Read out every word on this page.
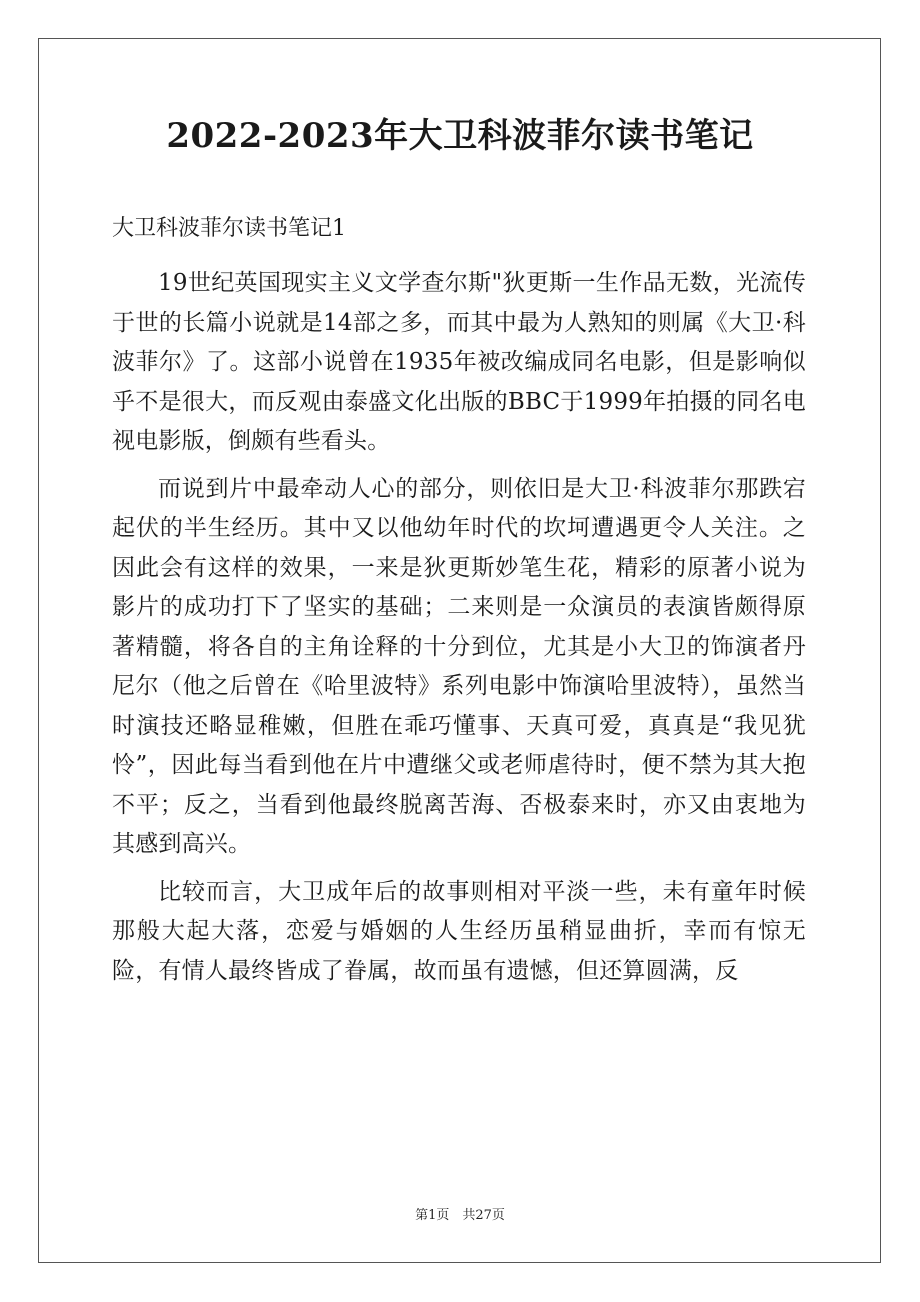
2022-2023年大卫科波菲尔读书笔记
大卫科波菲尔读书笔记1

19世纪英国现实主义文学查尔斯"狄更斯一生作品无数，光流传于世的长篇小说就是14部之多，而其中最为人熟知的则属《大卫·科波菲尔》了。这部小说曾在1935年被改编成同名电影，但是影响似乎不是很大，而反观由泰盛文化出版的BBC于1999年拍摄的同名电视电影版，倒颇有些看头。

而说到片中最牵动人心的部分，则依旧是大卫·科波菲尔那跌宕起伏的半生经历。其中又以他幼年时代的坎坷遭遇更令人关注。之因此会有这样的效果，一来是狄更斯妙笔生花，精彩的原著小说为影片的成功打下了坚实的基础；二来则是一众演员的表演皆颇得原著精髓，将各自的主角诠释的十分到位，尤其是小大卫的饰演者丹尼尔（他之后曾在《哈里波特》系列电影中饰演哈里波特），虽然当时演技还略显稚嫩，但胜在乖巧懂事、天真可爱，真真是“我见犹怜”，因此每当看到他在片中遭继父或老师虐待时，便不禁为其大抱不平；反之，当看到他最终脱离苦海、否极泰来时，亦又由衷地为其感到高兴。

比较而言，大卫成年后的故事则相对平淡一些，未有童年时候那般大起大落，恋爱与婚姻的人生经历虽稍显曲折，幸而有惊无险，有情人最终皆成了眷属，故而虽有遗憾，但还算圆满，反

第1页　共27页
